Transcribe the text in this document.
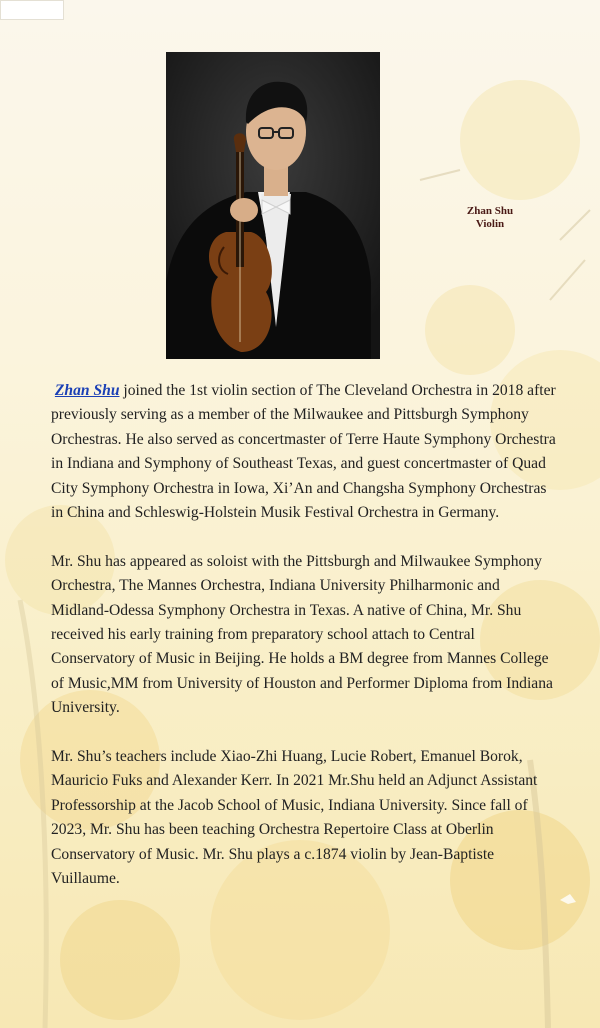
Zhan Shu
Violin

Zhan Shu joined the 1st violin section of The Cleveland Orchestra in 2018 after previously serving as a member of the Milwaukee and Pittsburgh Symphony Orchestras. He also served as concertmaster of Terre Haute Symphony Orchestra in Indiana and Symphony of Southeast Texas, and guest concertmaster of Quad City Symphony Orchestra in Iowa, Xi’An and Changsha Symphony Orchestras in China and Schleswig-Holstein Musik Festival Orchestra in Germany.

Mr. Shu has appeared as soloist with the Pittsburgh and Milwaukee Symphony Orchestra, The Mannes Orchestra, Indiana University Philharmonic and Midland-Odessa Symphony Orchestra in Texas. A native of China, Mr. Shu received his early training from preparatory school attach to Central Conservatory of Music in Beijing. He holds a BM degree from Mannes College of Music,MM from University of Houston and Performer Diploma from Indiana University.

Mr. Shu’s teachers include Xiao-Zhi Huang, Lucie Robert, Emanuel Borok, Mauricio Fuks and Alexander Kerr. In 2021 Mr.Shu held an Adjunct Assistant Professorship at the Jacob School of Music, Indiana University. Since fall of 2023, Mr. Shu has been teaching Orchestra Repertoire Class at Oberlin Conservatory of Music. Mr. Shu plays a c.1874 violin by Jean-Baptiste Vuillaume.
